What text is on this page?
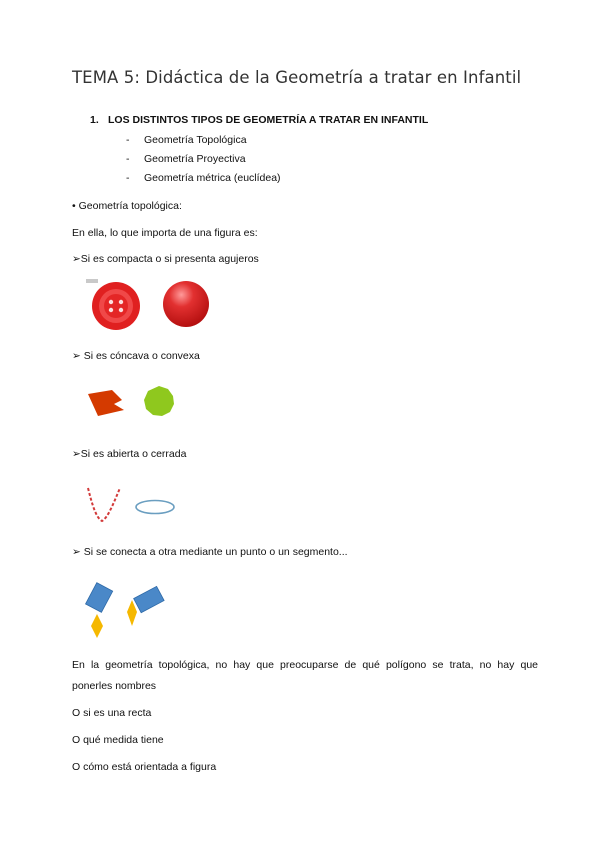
TEMA 5: Didáctica de la Geometría a tratar en Infantil
1. LOS DISTINTOS TIPOS DE GEOMETRÍA A TRATAR EN INFANTIL
- Geometría Topológica
- Geometría Proyectiva
- Geometría métrica (euclídea)
• Geometría topológica:
En ella, lo que importa de una figura es:
➢Si es compacta o si presenta agujeros
➢ Si es cóncava o convexa
➢Si es abierta o cerrada
➢ Si se conecta a otra mediante un punto o un segmento...
En la geometría topológica, no hay que preocuparse de qué polígono se trata, no hay que
ponerles nombres
O si es una recta
O qué medida tiene
O cómo está orientada a figura
